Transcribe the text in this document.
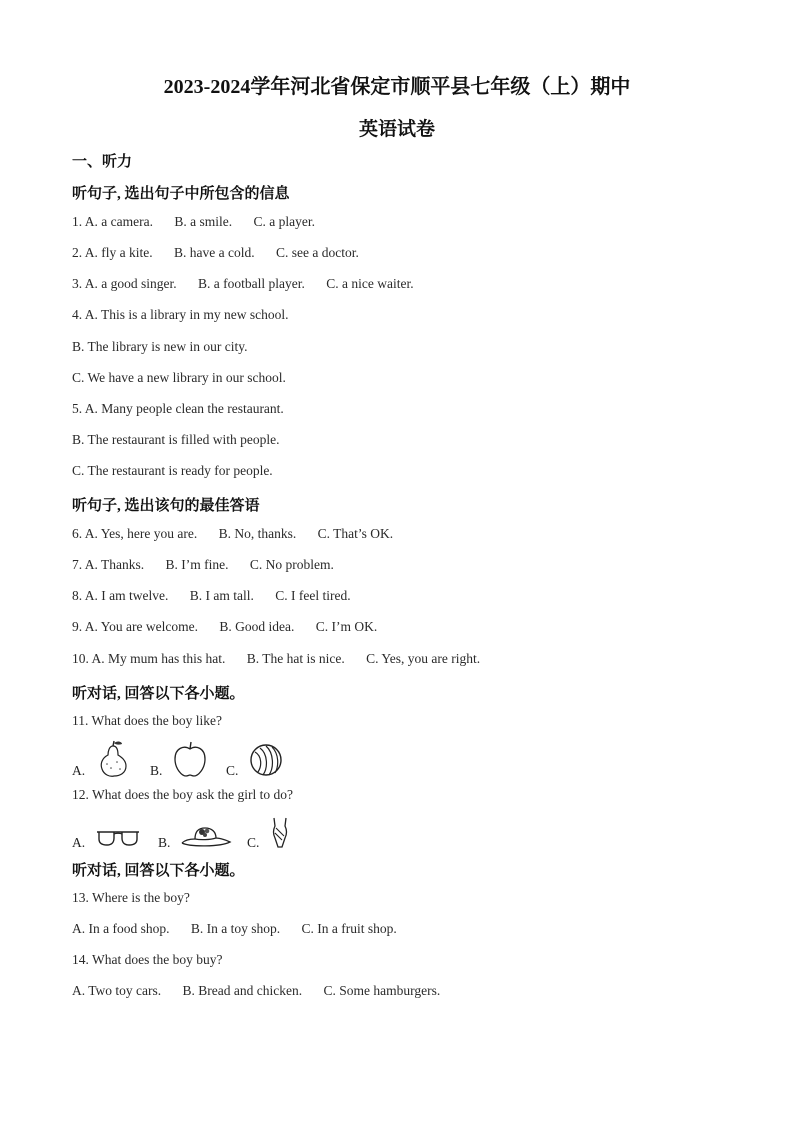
2023-2024学年河北省保定市顺平县七年级（上）期中
英语试卷
一、听力
听句子, 选出句子中所包含的信息
1. A. a camera. B. a smile. C. a player.
2. A. fly a kite. B. have a cold. C. see a doctor.
3. A. a good singer. B. a football player. C. a nice waiter.
4. A. This is a library in my new school.
B. The library is new in our city.
C. We have a new library in our school.
5. A. Many people clean the restaurant.
B. The restaurant is filled with people.
C. The restaurant is ready for people.
听句子, 选出该句的最佳答语
6. A. Yes, here you are. B. No, thanks. C. That’s OK.
7. A. Thanks. B. I’m fine. C. No problem.
8. A. I am twelve. B. I am tall. C. I feel tired.
9. A. You are welcome. B. Good idea. C. I’m OK.
10. A. My mum has this hat. B. The hat is nice. C. Yes, you are right.
听对话, 回答以下各小题。
11. What does the boy like?
A.	B.	C.
12. What does the boy ask the girl to do?
A.	B.	C.
听对话, 回答以下各小题。
13. Where is the boy?
A. In a food shop. B. In a toy shop. C. In a fruit shop.
14. What does the boy buy?
A. Two toy cars. B. Bread and chicken. C. Some hamburgers.
